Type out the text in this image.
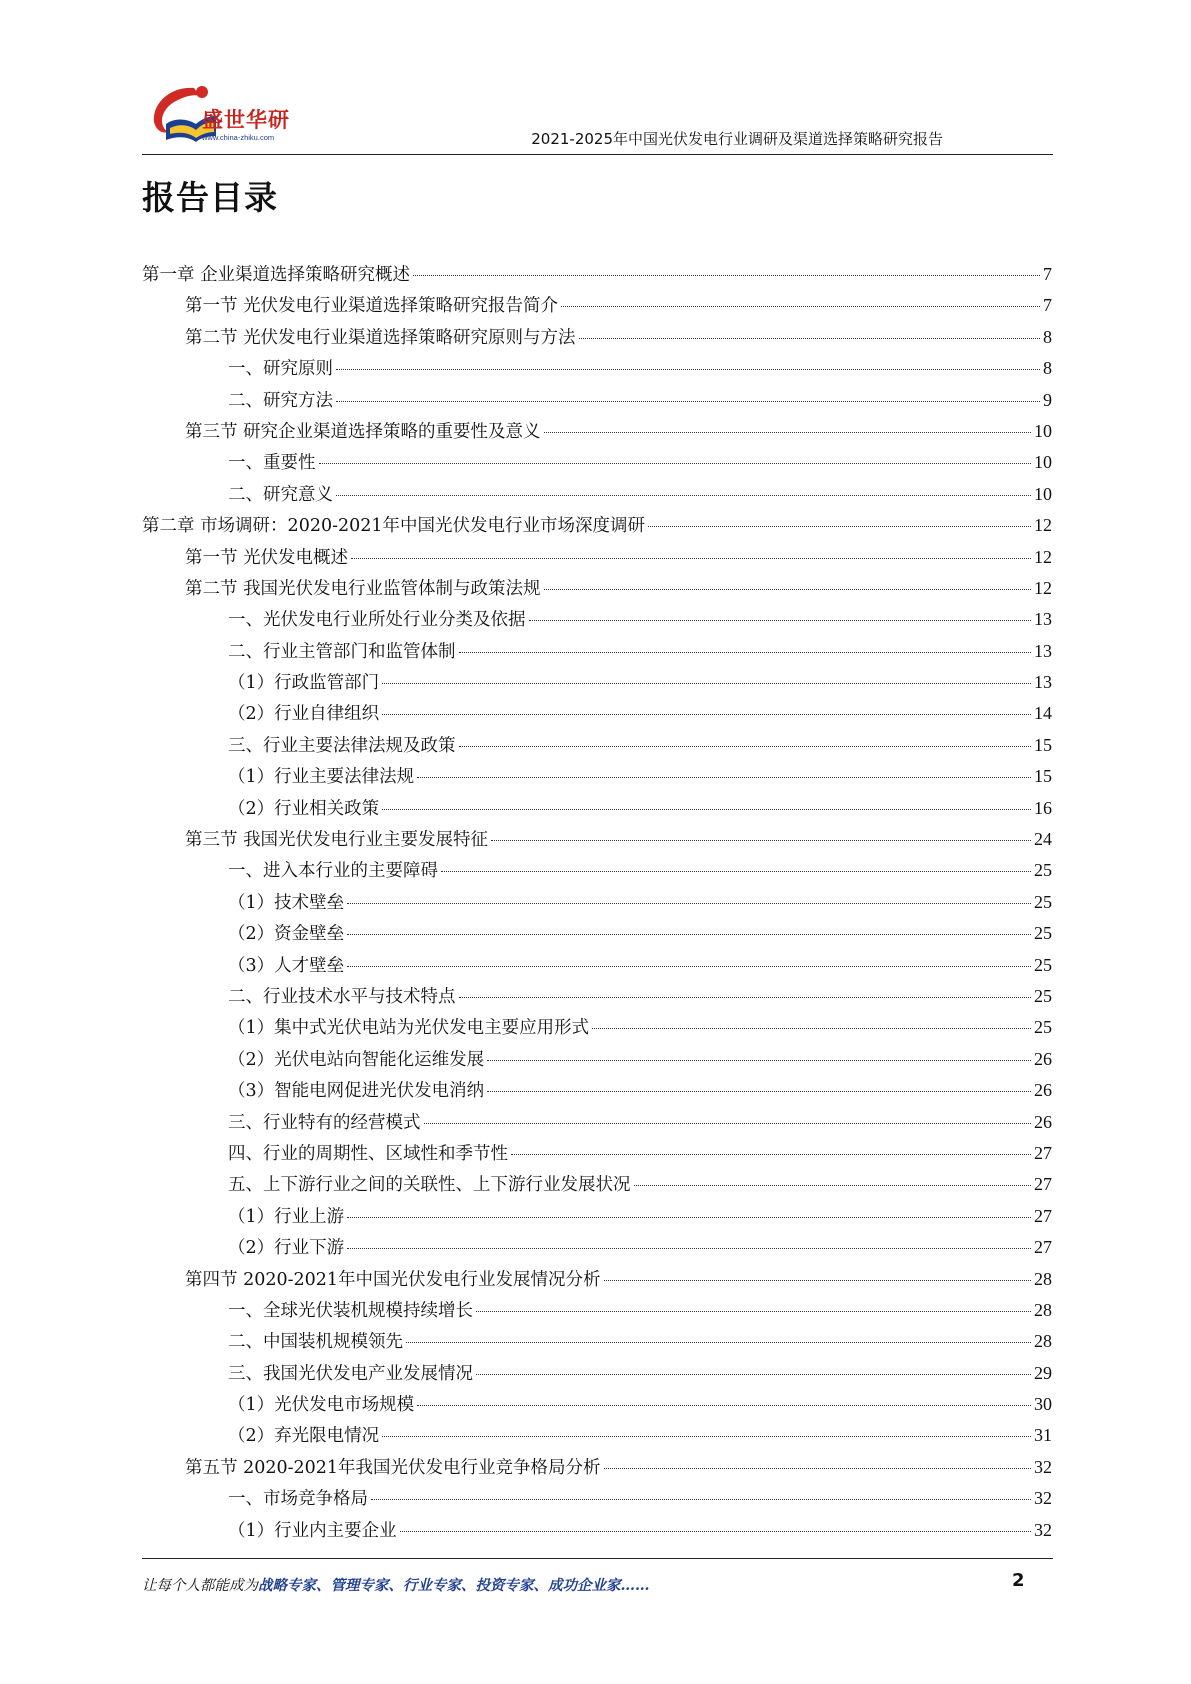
盛世华研
www.china-zhiku.com	2021-2025年中国光伏发电行业调研及渠道选择策略研究报告
报告目录
第一章 企业渠道选择策略研究概述	7
第一节 光伏发电行业渠道选择策略研究报告简介	7
第二节 光伏发电行业渠道选择策略研究原则与方法	8
一、研究原则	8
二、研究方法	9
第三节 研究企业渠道选择策略的重要性及意义	10
一、重要性	10
二、研究意义	10
第二章 市场调研：2020-2021年中国光伏发电行业市场深度调研	12
第一节 光伏发电概述	12
第二节 我国光伏发电行业监管体制与政策法规	12
一、光伏发电行业所处行业分类及依据	13
二、行业主管部门和监管体制	13
（1）行政监管部门	13
（2）行业自律组织	14
三、行业主要法律法规及政策	15
（1）行业主要法律法规	15
（2）行业相关政策	16
第三节 我国光伏发电行业主要发展特征	24
一、进入本行业的主要障碍	25
（1）技术壁垒	25
（2）资金壁垒	25
（3）人才壁垒	25
二、行业技术水平与技术特点	25
（1）集中式光伏电站为光伏发电主要应用形式	25
（2）光伏电站向智能化运维发展	26
（3）智能电网促进光伏发电消纳	26
三、行业特有的经营模式	26
四、行业的周期性、区域性和季节性	27
五、上下游行业之间的关联性、上下游行业发展状况	27
（1）行业上游	27
（2）行业下游	27
第四节 2020-2021年中国光伏发电行业发展情况分析	28
一、全球光伏装机规模持续增长	28
二、中国装机规模领先	28
三、我国光伏发电产业发展情况	29
（1）光伏发电市场规模	30
（2）弃光限电情况	31
第五节 2020-2021年我国光伏发电行业竞争格局分析	32
一、市场竞争格局	32
（1）行业内主要企业	32
让每个人都能成为战略专家、管理专家、行业专家、投资专家、成功企业家……	2
